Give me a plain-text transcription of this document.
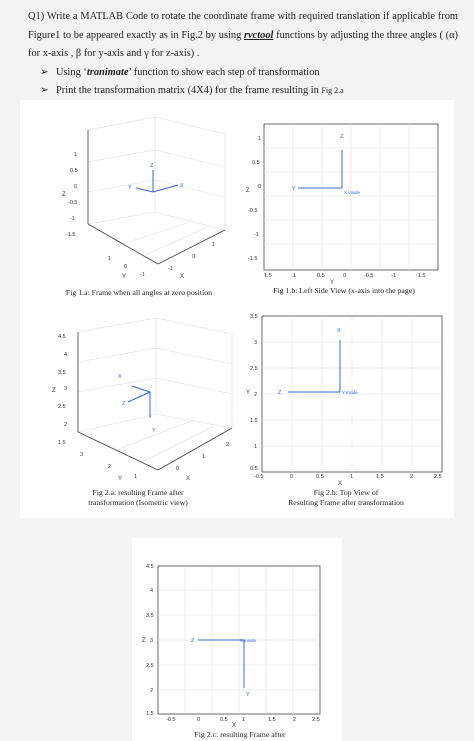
Q1) Write a MATLAB Code to rotate the coordinate frame with required translation if applicable from Figure1 to be appeared exactly as in Fig.2 by using rvctool functions by adjusting the three angles ( (α) for x-axis , β for y-axis and γ for z-axis) .

➢ Using ‘tranimate’ function to show each step of transformation

➢ Print the transformation matrix (4X4) for the frame resulting in Fig 2.a

1
0.5
0
-0.5
-1
-1.5
1
0
-1
-1
0
1
Z
Y	X
Z
Y	X
Fig 1.a: Frame when all angles at zero position
1
0.5
0
-0.5
-1
-1.5
1.5	1	0.5	0	-0.5	-1	-1.5
Z
Y
Z
Y
X inside
Fig 1.b: Left Side View (x-axis into the page)
4.5
4
3.5
3
2.5
2
1.5
3
2
1
0
1
2
Z
Y	X
X
Z
Y
Fig 2.a: resulting Frame after
transformation (Isometric view)
3.5
3
2.5
2
1.5
1
0.5
-0.5	0	0.5	1	1.5	2	2.5
Y
X
X
Z	Y inside
Fig 2.b: Top View of
Resulting Frame after transformation
4.5
4
3.5
3
2.5
2
1.5
-0.5	0	0.5	1	1.5	2	2.5
Z
X
Z	X inside
Y
Fig 2.c: resulting Frame after
